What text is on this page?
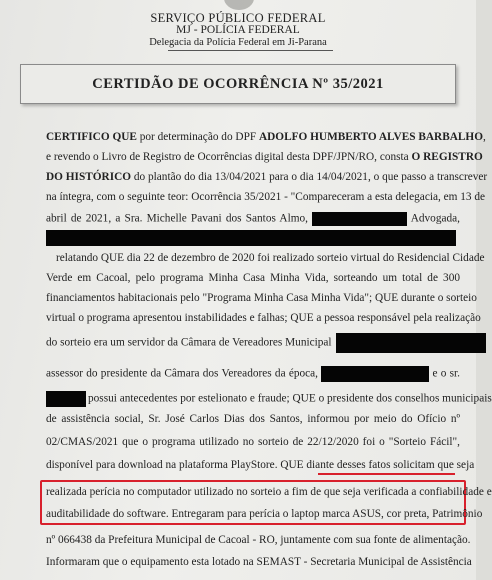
SERVIÇO PÚBLICO FEDERAL
MJ - POLÍCIA FEDERAL
Delegacia da Polícia Federal em Ji-Parana
CERTIDÃO DE OCORRÊNCIA Nº 35/2021
CERTIFICO QUE por determinação do DPF ADOLFO HUMBERTO ALVES BARBALHO,
e revendo o Livro de Registro de Ocorrências digital desta DPF/JPN/RO, consta O REGISTRO
DO HISTÓRICO do plantão do dia 13/04/2021 para o dia 14/04/2021, o que passo a transcrever
na íntegra, com o seguinte teor: Ocorrência 35/2021 - "Compareceram a esta delegacia, em 13 de
abril de 2021, a Sra. Michelle Pavani dos Santos Almo,	Advogada,
relatando QUE dia 22 de dezembro de 2020 foi realizado sorteio virtual do Residencial Cidade
Verde em Cacoal, pelo programa Minha Casa Minha Vida, sorteando um total de 300
financiamentos habitacionais pelo "Programa Minha Casa Minha Vida"; QUE durante o sorteio
virtual o programa apresentou instabilidades e falhas; QUE a pessoa responsável pela realização
do sorteio era um servidor da Câmara de Vereadores Municipal
assessor do presidente da Câmara dos Vereadores da época,	e o sr.
possui antecedentes por estelionato e fraude; QUE o presidente dos conselhos municipais
de assistência social, Sr. José Carlos Dias dos Santos, informou por meio do Ofício nº
02/CMAS/2021 que o programa utilizado no sorteio de 22/12/2020 foi o "Sorteio Fácil",
disponível para download na plataforma PlayStore. QUE diante desses fatos solicitam que seja
realizada perícia no computador utilizado no sorteio a fim de que seja verificada a confiabilidade e
auditabilidade do software. Entregaram para perícia o laptop marca ASUS, cor preta, Patrimônio
nº 066438 da Prefeitura Municipal de Cacoal - RO, juntamente com sua fonte de alimentação.
Informaram que o equipamento esta lotado na SEMAST - Secretaria Municipal de Assistência
